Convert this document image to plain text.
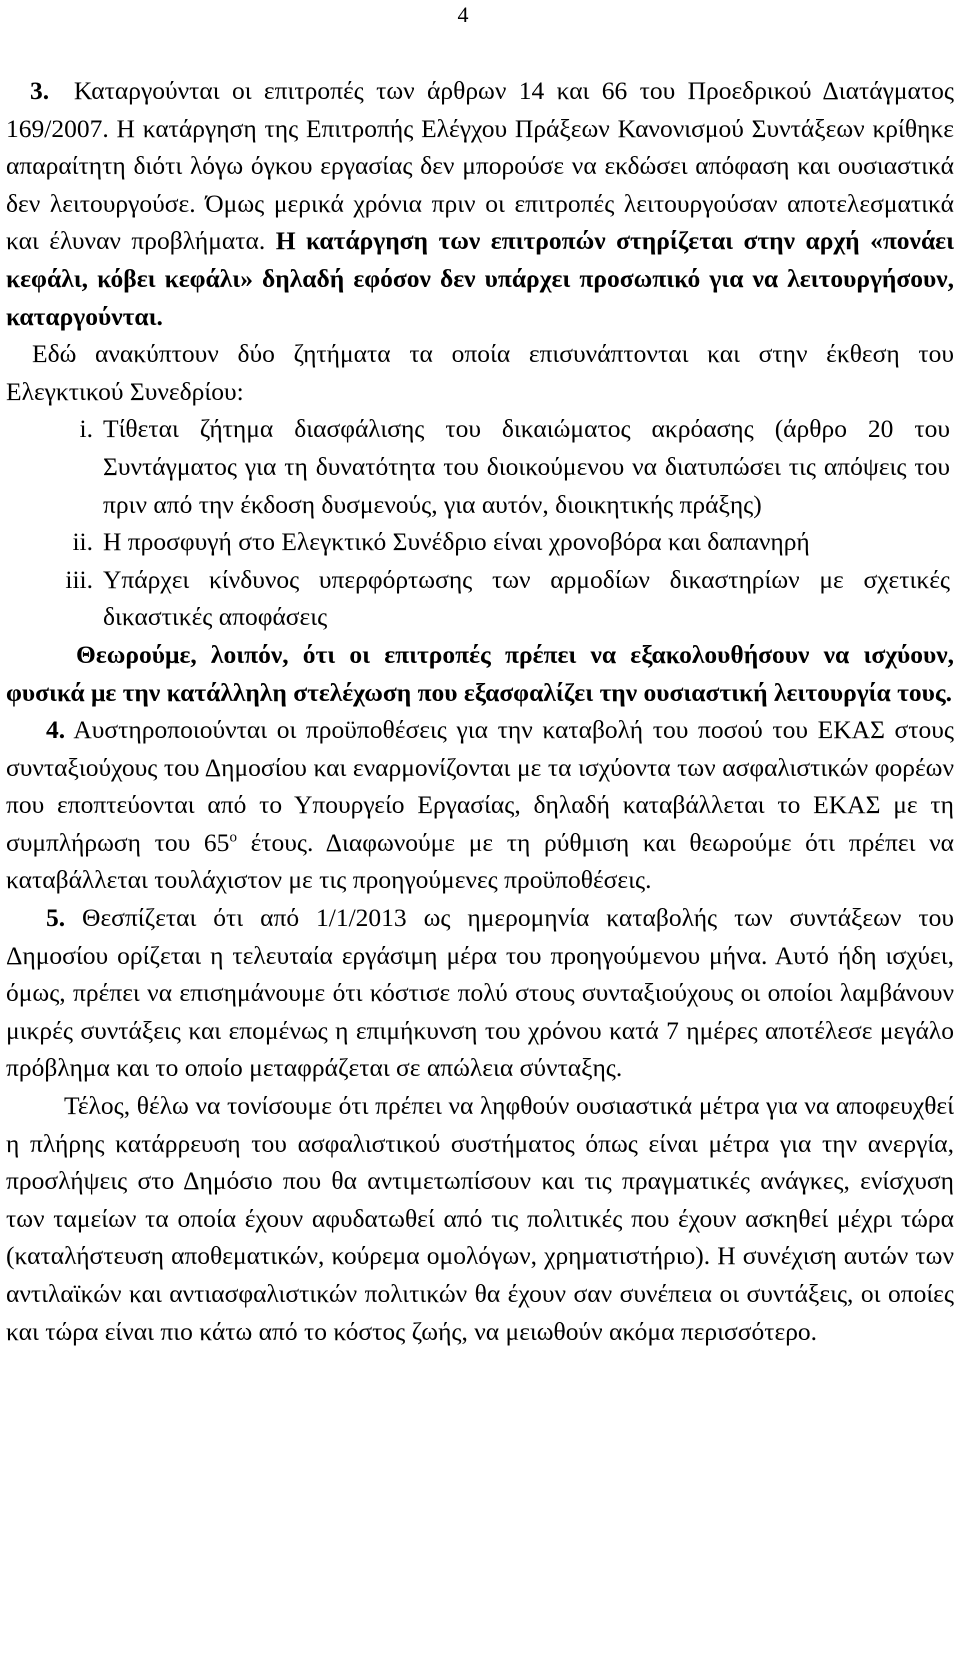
4

3. Καταργούνται οι επιτροπές των άρθρων 14 και 66 του Προεδρικού Διατάγματος 169/2007. Η κατάργηση της Επιτροπής Ελέγχου Πράξεων Κανονισμού Συντάξεων κρίθηκε απαραίτητη διότι λόγω όγκου εργασίας δεν μπορούσε να εκδώσει απόφαση και ουσιαστικά δεν λειτουργούσε. Όμως μερικά χρόνια πριν οι επιτροπές λειτουργούσαν αποτελεσματικά και έλυναν προβλήματα. Η κατάργηση των επιτροπών στηρίζεται στην αρχή «πονάει κεφάλι, κόβει κεφάλι» δηλαδή εφόσον δεν υπάρχει προσωπικό για να λειτουργήσουν, καταργούνται.

Εδώ ανακύπτουν δύο ζητήματα τα οποία επισυνάπτονται και στην έκθεση του Ελεγκτικού Συνεδρίου:

i. Τίθεται ζήτημα διασφάλισης του δικαιώματος ακρόασης (άρθρο 20 του Συντάγματος για τη δυνατότητα του διοικούμενου να διατυπώσει τις απόψεις του πριν από την έκδοση δυσμενούς, για αυτόν, διοικητικής πράξης)
ii. Η προσφυγή στο Ελεγκτικό Συνέδριο είναι χρονοβόρα και δαπανηρή
iii. Υπάρχει κίνδυνος υπερφόρτωσης των αρμοδίων δικαστηρίων με σχετικές δικαστικές αποφάσεις

Θεωρούμε, λοιπόν, ότι οι επιτροπές πρέπει να εξακολουθήσουν να ισχύουν, φυσικά με την κατάλληλη στελέχωση που εξασφαλίζει την ουσιαστική λειτουργία τους.

4. Αυστηροποιούνται οι προϋποθέσεις για την καταβολή του ποσού του ΕΚΑΣ στους συνταξιούχους του Δημοσίου και εναρμονίζονται με τα ισχύοντα των ασφαλιστικών φορέων που εποπτεύονται από το Υπουργείο Εργασίας, δηλαδή καταβάλλεται το ΕΚΑΣ με τη συμπλήρωση του $65^o$ έτους. Διαφωνούμε με τη ρύθμιση και θεωρούμε ότι πρέπει να καταβάλλεται τουλάχιστον με τις προηγούμενες προϋποθέσεις.

5. Θεσπίζεται ότι από 1/1/2013 ως ημερομηνία καταβολής των συντάξεων του Δημοσίου ορίζεται η τελευταία εργάσιμη μέρα του προηγούμενου μήνα. Αυτό ήδη ισχύει, όμως, πρέπει να επισημάνουμε ότι κόστισε πολύ στους συνταξιούχους οι οποίοι λαμβάνουν μικρές συντάξεις και επομένως η επιμήκυνση του χρόνου κατά 7 ημέρες αποτέλεσε μεγάλο πρόβλημα και το οποίο μεταφράζεται σε απώλεια σύνταξης.

Τέλος, θέλω να τονίσουμε ότι πρέπει να ληφθούν ουσιαστικά μέτρα για να αποφευχθεί η πλήρης κατάρρευση του ασφαλιστικού συστήματος όπως είναι μέτρα για την ανεργία, προσλήψεις στο Δημόσιο που θα αντιμετωπίσουν και τις πραγματικές ανάγκες, ενίσχυση των ταμείων τα οποία έχουν αφυδατωθεί από τις πολιτικές που έχουν ασκηθεί μέχρι τώρα (καταλήστευση αποθεματικών, κούρεμα ομολόγων, χρηματιστήριο). Η συνέχιση αυτών των αντιλαϊκών και αντιασφαλιστικών πολιτικών θα έχουν σαν συνέπεια οι συντάξεις, οι οποίες και τώρα είναι πιο κάτω από το κόστος ζωής, να μειωθούν ακόμα περισσότερο.
